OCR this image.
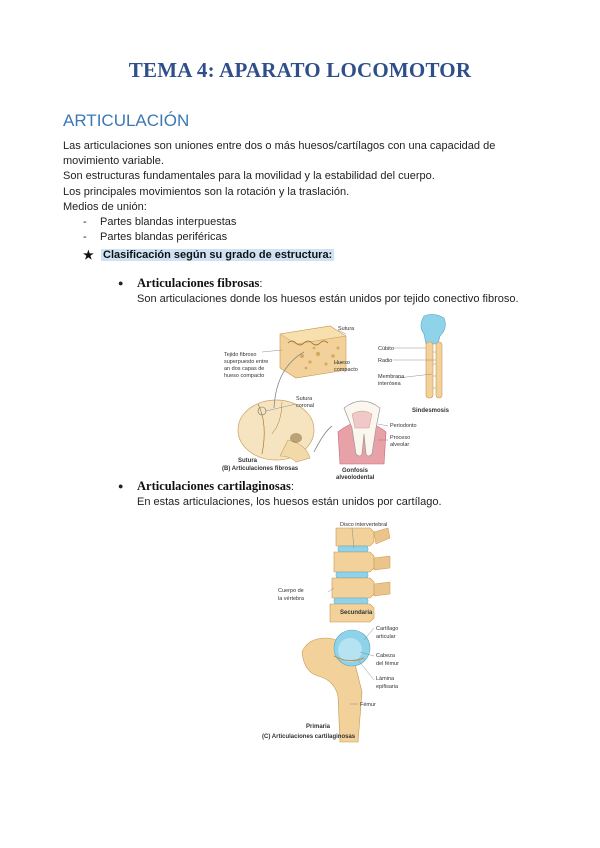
TEMA 4: APARATO LOCOMOTOR
ARTICULACIÓN

Las articulaciones son uniones entre dos o más huesos/cartílagos con una capacidad de movimiento variable.

Son estructuras fundamentales para la movilidad y la estabilidad del cuerpo.

Los principales movimientos son la rotación y la traslación.

Medios de unión:

- Partes blandas interpuestas
- Partes blandas periféricas
★ Clasificación según su grado de estructura:
●	Articulaciones fibrosas:
Son articulaciones donde los huesos están unidos por tejido conectivo fibroso.
Sutura
Tejido fibroso
superpuesto entre
an dos capas de
hueso compacto
Hueso
compacto
Sutura
coronal
Sutura
(B) Articulaciones fibrosas	Gonfosis
alveolodental
Periodonto
Proceso
alveolar
Cúbito
Radio
Membrana
interósea
Sindesmosis
●	Articulaciones cartilaginosas:
En estas articulaciones, los huesos están unidos por cartílago.
Disco intervertebral
Cuerpo de
la vértebra
Secundaria
Cartílago
articular
Cabeza
del fémur
Lámina
epifisaria
Fémur
Primaria
(C) Articulaciones cartilaginosas
